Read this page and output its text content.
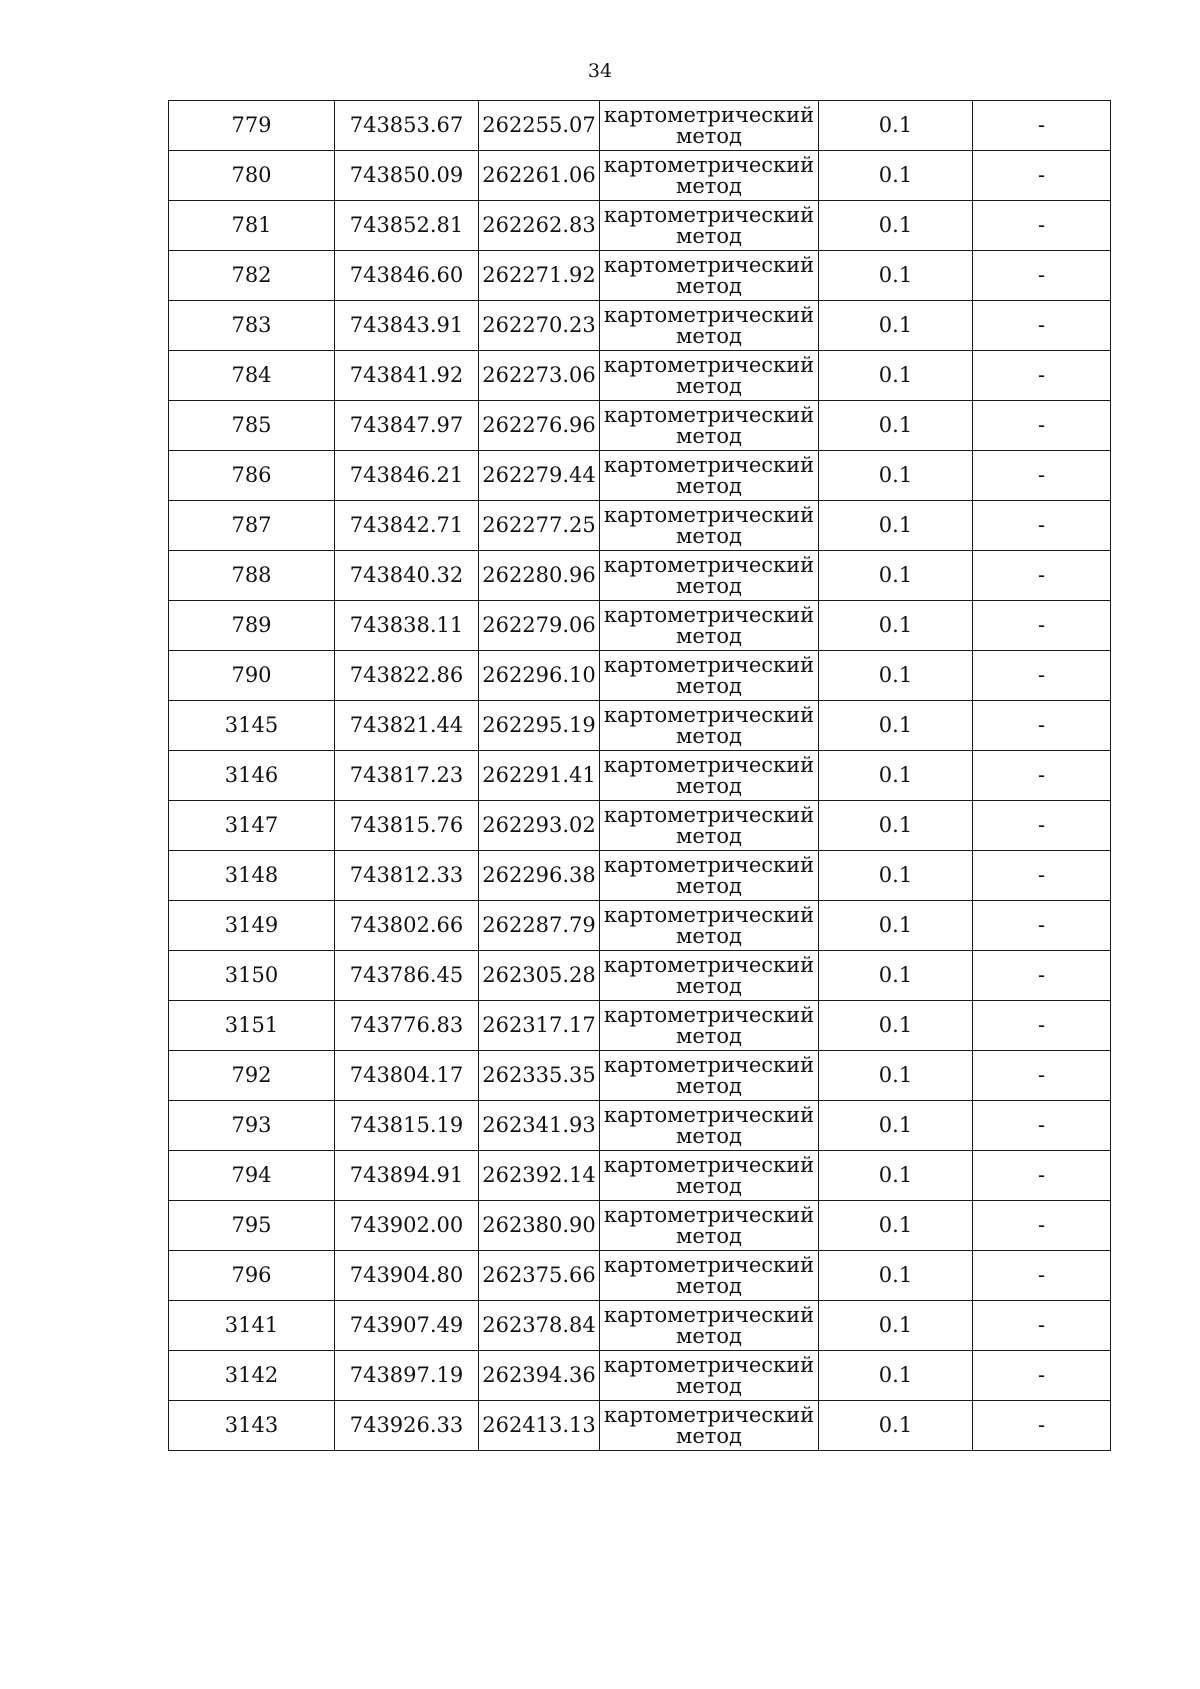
34
779	743853.67	262255.07	картометрический
метод	0.1	-
780	743850.09	262261.06	картометрический
метод	0.1	-
781	743852.81	262262.83	картометрический
метод	0.1	-
782	743846.60	262271.92	картометрический
метод	0.1	-
783	743843.91	262270.23	картометрический
метод	0.1	-
784	743841.92	262273.06	картометрический
метод	0.1	-
785	743847.97	262276.96	картометрический
метод	0.1	-
786	743846.21	262279.44	картометрический
метод	0.1	-
787	743842.71	262277.25	картометрический
метод	0.1	-
788	743840.32	262280.96	картометрический
метод	0.1	-
789	743838.11	262279.06	картометрический
метод	0.1	-
790	743822.86	262296.10	картометрический
метод	0.1	-
3145	743821.44	262295.19	картометрический
метод	0.1	-
3146	743817.23	262291.41	картометрический
метод	0.1	-
3147	743815.76	262293.02	картометрический
метод	0.1	-
3148	743812.33	262296.38	картометрический
метод	0.1	-
3149	743802.66	262287.79	картометрический
метод	0.1	-
3150	743786.45	262305.28	картометрический
метод	0.1	-
3151	743776.83	262317.17	картометрический
метод	0.1	-
792	743804.17	262335.35	картометрический
метод	0.1	-
793	743815.19	262341.93	картометрический
метод	0.1	-
794	743894.91	262392.14	картометрический
метод	0.1	-
795	743902.00	262380.90	картометрический
метод	0.1	-
796	743904.80	262375.66	картометрический
метод	0.1	-
3141	743907.49	262378.84	картометрический
метод	0.1	-
3142	743897.19	262394.36	картометрический
метод	0.1	-
3143	743926.33	262413.13	картометрический
метод	0.1	-
